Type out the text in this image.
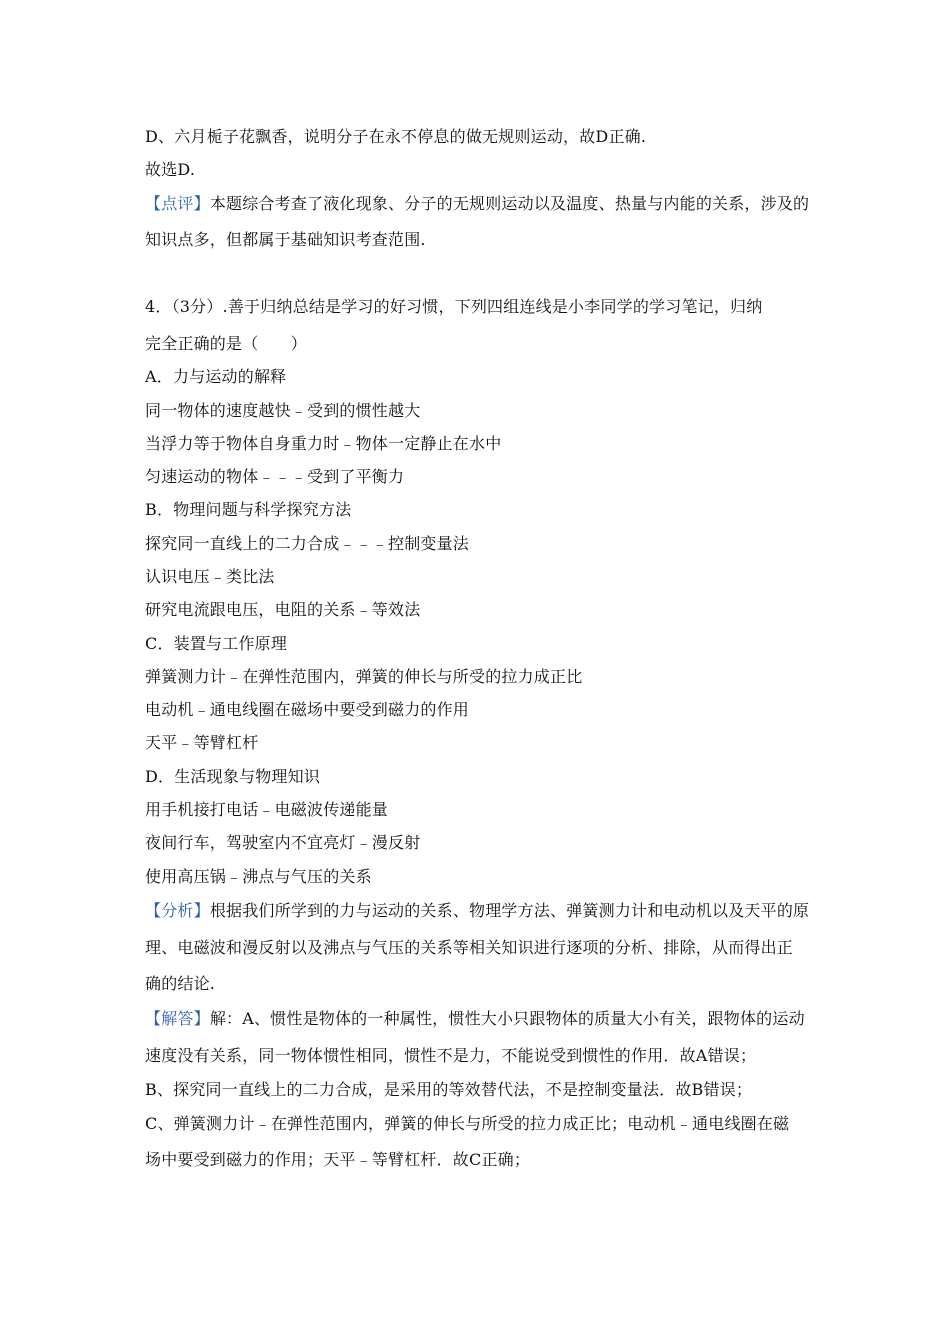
D、六月栀子花飘香，说明分子在永不停息的做无规则运动，故D正确.

故选D.

【点评】本题综合考查了液化现象、分子的无规则运动以及温度、热量与内能的关系，涉及的

知识点多，但都属于基础知识考查范围.

4．（3分）.善于归纳总结是学习的好习惯，下列四组连线是小李同学的学习笔记，归纳

完全正确的是（　　）

A．力与运动的解释

同一物体的速度越快﹣受到的惯性越大

当浮力等于物体自身重力时﹣物体一定静止在水中

匀速运动的物体﹣﹣﹣受到了平衡力

B．物理问题与科学探究方法

探究同一直线上的二力合成﹣﹣﹣控制变量法

认识电压﹣类比法

研究电流跟电压，电阻的关系﹣等效法

C．装置与工作原理

弹簧测力计﹣在弹性范围内，弹簧的伸长与所受的拉力成正比

电动机﹣通电线圈在磁场中要受到磁力的作用

天平﹣等臂杠杆

D．生活现象与物理知识

用手机接打电话﹣电磁波传递能量

夜间行车，驾驶室内不宜亮灯﹣漫反射

使用高压锅﹣沸点与气压的关系

【分析】根据我们所学到的力与运动的关系、物理学方法、弹簧测力计和电动机以及天平的原

理、电磁波和漫反射以及沸点与气压的关系等相关知识进行逐项的分析、排除，从而得出正

确的结论.

【解答】解：A、惯性是物体的一种属性，惯性大小只跟物体的质量大小有关，跟物体的运动

速度没有关系，同一物体惯性相同，惯性不是力，不能说受到惯性的作用．故A错误；

B、探究同一直线上的二力合成，是采用的等效替代法，不是控制变量法．故B错误；

C、弹簧测力计﹣在弹性范围内，弹簧的伸长与所受的拉力成正比；电动机﹣通电线圈在磁

场中要受到磁力的作用；天平﹣等臂杠杆．故C正确；
